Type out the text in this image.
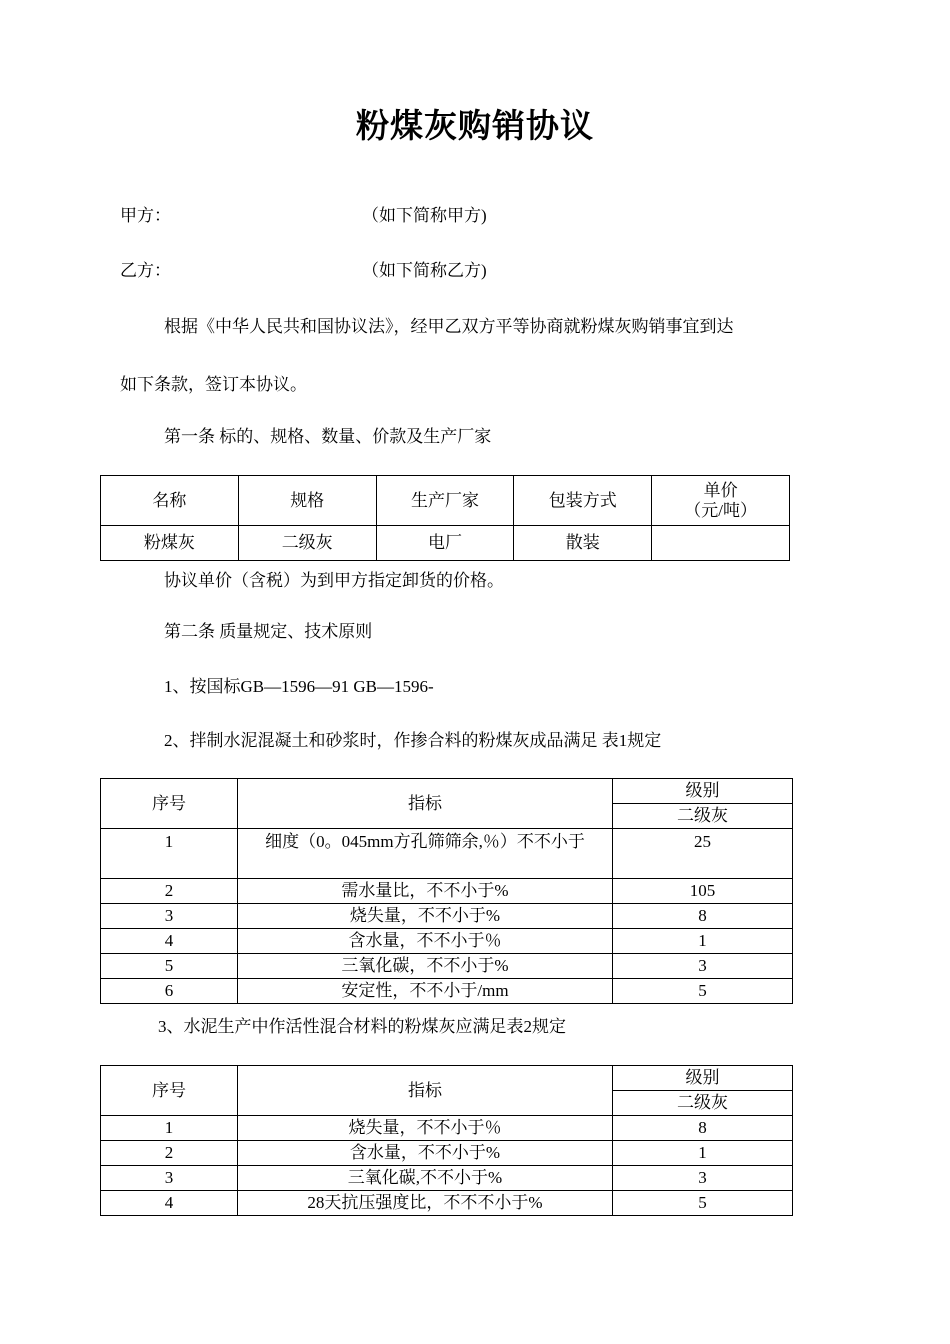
粉煤灰购销协议
甲方：	（如下简称甲方)
乙方：	（如下简称乙方)
根据《中华人民共和国协议法》，经甲乙双方平等协商就粉煤灰购销事宜到达
如下条款，签订本协议。
第一条 标的、规格、数量、价款及生产厂家
名称	规格	生产厂家	包装方式	单价
（元/吨）

粉煤灰	二级灰	电厂	散装	
协议单价（含税）为到甲方指定卸货的价格。
第二条 质量规定、技术原则
1、按国标GB—1596—91 GB—1596-
2、拌制水泥混凝土和砂浆时，作掺合料的粉煤灰成品满足 表1规定
序号	指标	级别
		二级灰
1	细度（0。045mm方孔筛筛余,％）不不小于	25
2	需水量比，不不小于%	105
3	烧失量，不不小于%	8
4	含水量，不不小于％	1
5	三氧化碳，不不小于%	3
6	安定性，不不小于/mm	5
3、水泥生产中作活性混合材料的粉煤灰应满足表2规定
序号	指标	级别
		二级灰
1	烧失量，不不小于％	8
2	含水量，不不小于%	1
3	三氧化碳,不不小于%	3
4	28天抗压强度比，不不不小于%	5
